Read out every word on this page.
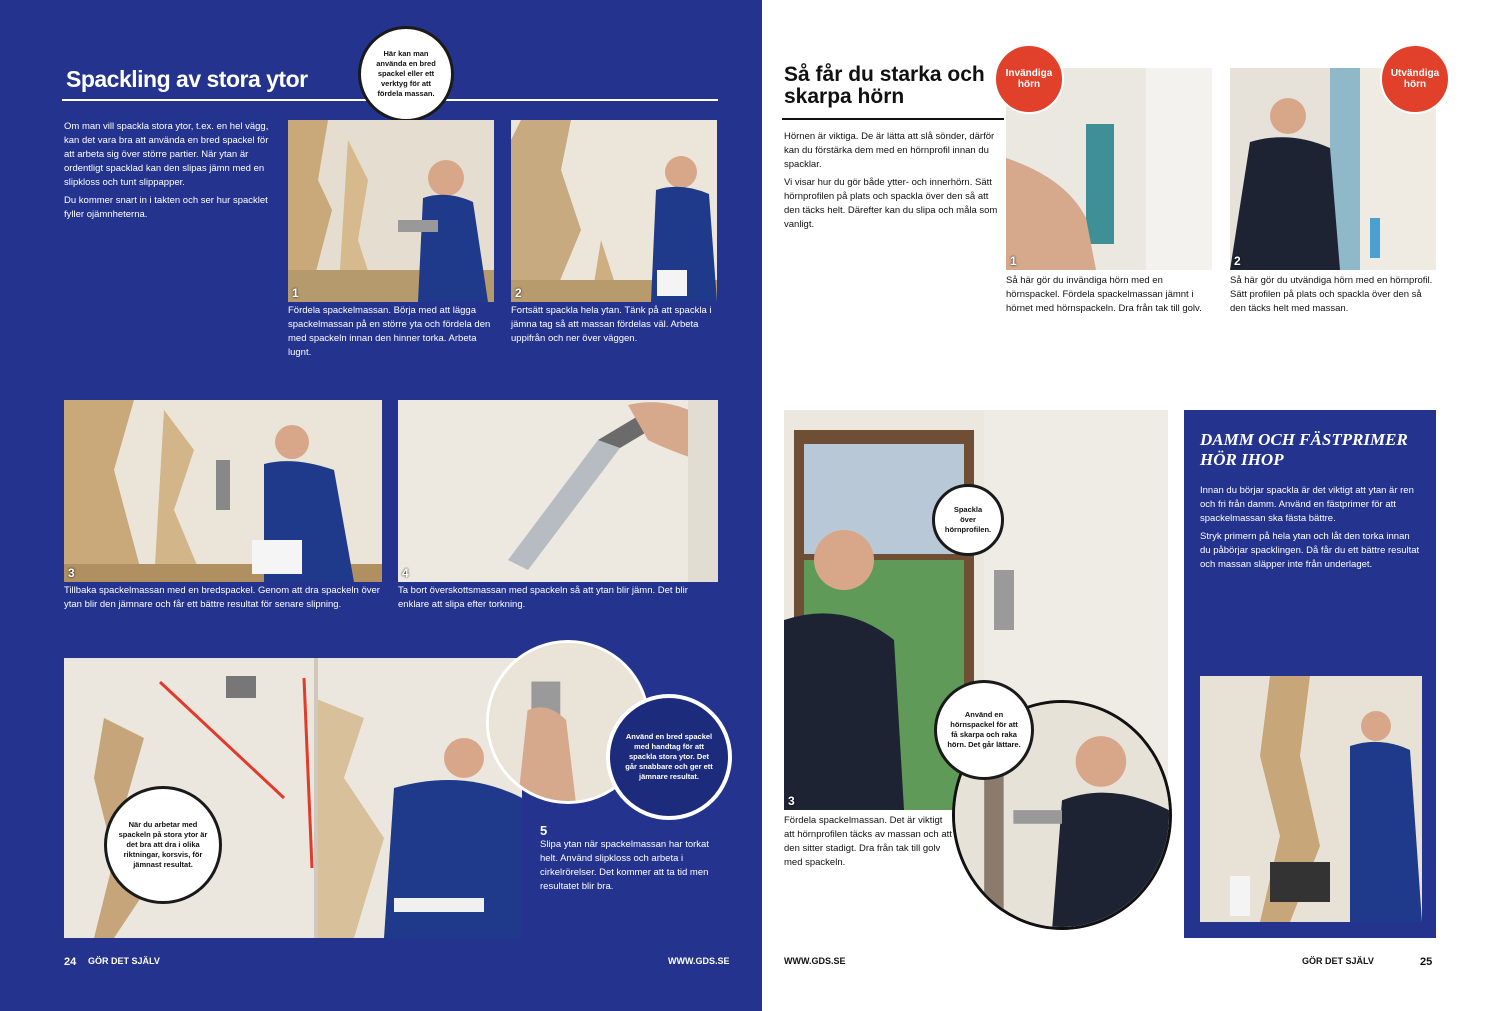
Spackling av stora ytor
Här kan man använda en bred spackel eller ett verktyg för att fördela massan.

Om man vill spackla stora ytor, t.ex. en hel vägg, kan det vara bra att använda en bred spackel för att arbeta sig över större partier. När ytan är ordentligt spacklad kan den slipas jämn med en slipkloss och tunt slippapper.

Du kommer snart in i takten och ser hur spacklet fyller ojämnheterna.

1
Fördela spackelmassan. Börja med att lägga spackelmassan på en större yta och fördela den med spackeln innan den hinner torka. Arbeta lugnt.
2
Fortsätt spackla hela ytan. Tänk på att spackla i jämna tag så att massan fördelas väl. Arbeta uppifrån och ner över väggen.
3
Tillbaka spackelmassan med en bredspackel. Genom att dra spackeln över ytan blir den jämnare och får ett bättre resultat för senare slipning.
4
Ta bort överskottsmassan med spackeln så att ytan blir jämn. Det blir enklare att slipa efter torkning.
När du arbetar med spackeln på stora ytor är det bra att dra i olika riktningar, korsvis, för jämnast resultat.
Använd en bred spackel med handtag för att spackla stora ytor. Det går snabbare och ger ett jämnare resultat.
5
Slipa ytan när spackelmassan har torkat helt. Använd slipkloss och arbeta i cirkelrörelser. Det kommer att ta tid men resultatet blir bra.
24 GÖR DET SJÄLV	WWW.GDS.SE
Så får du starka och skarpa hörn

Hörnen är viktiga. De är lätta att slå sönder, därför kan du förstärka dem med en hörnprofil innan du spacklar.

Vi visar hur du gör både ytter- och innerhörn. Sätt hörnprofilen på plats och spackla över den så att den täcks helt. Därefter kan du slipa och måla som vanligt.

1
Invändiga hörn
Så här gör du invändiga hörn med en hörnspackel. Fördela spackelmassan jämnt i hörnet med hörnspackeln. Dra från tak till golv.
2
Utvändiga hörn
Så här gör du utvändiga hörn med en hörnprofil. Sätt profilen på plats och spackla över den så den täcks helt med massan.
3
Spackla över hörnprofilen.
Använd en hörnspackel för att få skarpa och raka hörn. Det går lättare.
Fördela spackelmassan. Det är viktigt att hörnprofilen täcks av massan och att den sitter stadigt. Dra från tak till golv med spackeln.
DAMM OCH FÄSTPRIMER HÖR IHOP

Innan du börjar spackla är det viktigt att ytan är ren och fri från damm. Använd en fästprimer för att spackelmassan ska fästa bättre.

Stryk primern på hela ytan och låt den torka innan du påbörjar spacklingen. Då får du ett bättre resultat och massan släpper inte från underlaget.

WWW.GDS.SE	GÖR DET SJÄLV	25
